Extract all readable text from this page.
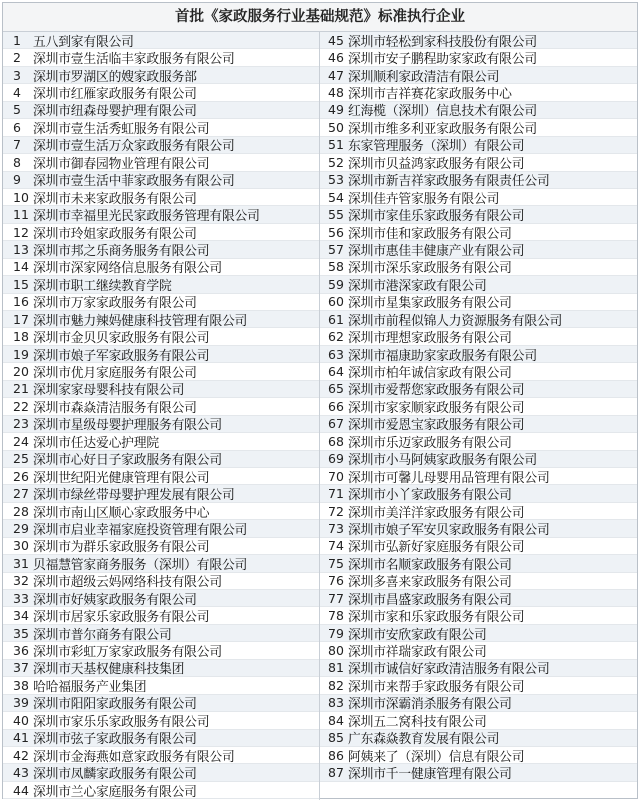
首批《家政服务行业基础规范》标准执行企业
1 五八到家有限公司
2 深圳市壹生活临丰家政服务有限公司
3 深圳市罗湖区的嫂家政服务部
4 深圳市红雁家政服务有限公司
5 深圳市纽森母婴护理有限公司
6 深圳市壹生活秀虹服务有限公司
7 深圳市壹生活万众家政服务有限公司
8 深圳市御春园物业管理有限公司
9 深圳市壹生活中菲家政服务有限公司
10 深圳市未来家政服务有限公司
11 深圳市幸福里光民家政服务管理有限公司
12 深圳市玲姐家政服务有限公司
13 深圳市邦之乐商务服务有限公司
14 深圳市深家网络信息服务有限公司
15 深圳市职工继续教育学院
16 深圳市万家家政服务有限公司
17 深圳市魅力辣妈健康科技管理有限公司
18 深圳市金贝贝家政服务有限公司
19 深圳市娘子军家政服务有限公司
20 深圳市优月家庭服务有限公司
21 深圳家家母婴科技有限公司
22 深圳市森焱清洁服务有限公司
23 深圳市星级母婴护理服务有限公司
24 深圳市任达爱心护理院
25 深圳市心好日子家政服务有限公司
26 深圳世纪阳光健康管理有限公司
27 深圳市绿丝带母婴护理发展有限公司
28 深圳市南山区顺心家政服务中心
29 深圳市启业幸福家庭投资管理有限公司
30 深圳市为群乐家政服务有限公司
31 贝福慧管家商务服务（深圳）有限公司
32 深圳市超级云妈网络科技有限公司
33 深圳市好姨家政服务有限公司
34 深圳市居家乐家政服务有限公司
35 深圳市普尔商务有限公司
36 深圳市彩虹万家家政服务有限公司
37 深圳市天基权健康科技集团
38 哈哈福服务产业集团
39 深圳市阳阳家政服务有限公司
40 深圳市家乐乐家政服务有限公司
41 深圳市弦子家政服务有限公司
42 深圳市金海燕如意家政服务有限公司
43 深圳市凤麟家政服务有限公司
44 深圳市兰心家庭服务有限公司
45 深圳市轻松到家科技股份有限公司
46 深圳市安子鹏程助家家政有限公司
47 深圳顺利家政清洁有限公司
48 深圳市吉祥赛花家政服务中心
49 红海榄（深圳）信息技术有限公司
50 深圳市维多利亚家政服务有限公司
51 东家管理服务（深圳）有限公司
52 深圳市贝益鸿家政服务有限公司
53 深圳市新吉祥家政服务有限责任公司
54 深圳佳卉管家服务有限公司
55 深圳市家佳乐家政服务有限公司
56 深圳市佳和家政服务有限公司
57 深圳市惠佳丰健康产业有限公司
58 深圳市深乐家政服务有限公司
59 深圳市港深家政有限公司
60 深圳市星集家政服务有限公司
61 深圳市前程似锦人力资源服务有限公司
62 深圳市理想家政服务有限公司
63 深圳市福康助家家政服务有限公司
64 深圳市柏年诚信家政有限公司
65 深圳市爱帮您家政服务有限公司
66 深圳市家家顺家政服务有限公司
67 深圳市爱恩宝家政服务有限公司
68 深圳市乐迈家政服务有限公司
69 深圳市小马阿姨家政服务有限公司
70 深圳市可馨儿母婴用品管理有限公司
71 深圳市小丫家政服务有限公司
72 深圳市美洋洋家政服务有限公司
73 深圳市娘子军安贝家政服务有限公司
74 深圳市弘新好家庭服务有限公司
75 深圳市名顺家政服务有限公司
76 深圳多喜来家政服务有限公司
77 深圳市昌盛家政服务有限公司
78 深圳市家和乐家政服务有限公司
79 深圳市安欣家政有限公司
80 深圳市祥瑞家政有限公司
81 深圳市诚信好家政清洁服务有限公司
82 深圳市来帮手家政服务有限公司
83 深圳市深霸消杀服务有限公司
84 深圳五二窝科技有限公司
85 广东森焱教育发展有限公司
86 阿姨来了（深圳）信息有限公司
87 深圳市千一健康管理有限公司
